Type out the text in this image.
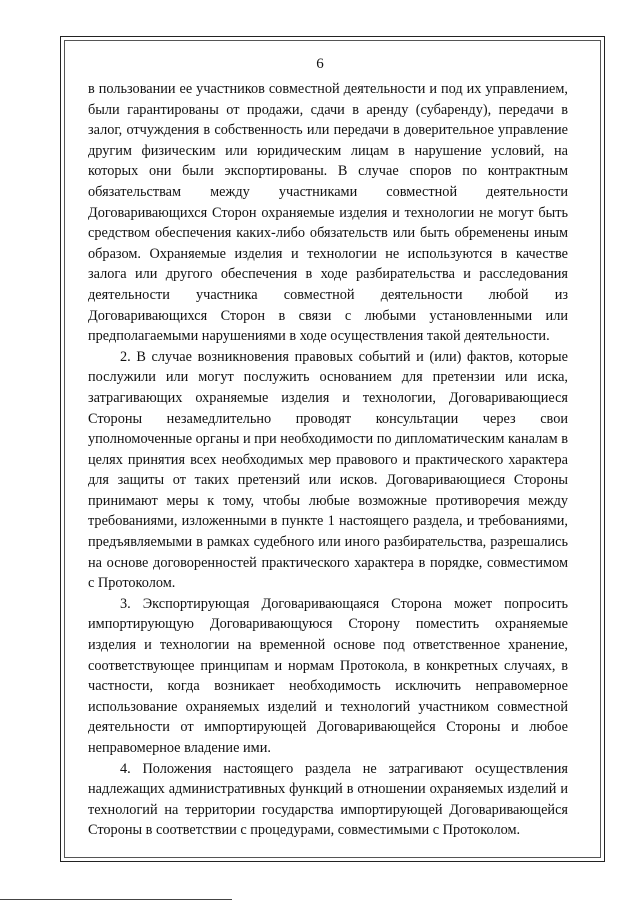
6

в пользовании ее участников совместной деятельности и под их управлением, были гарантированы от продажи, сдачи в аренду (субаренду), передачи в залог, отчуждения в собственность или передачи в доверительное управление другим физическим или юридическим лицам в нарушение условий, на которых они были экспортированы. В случае споров по контрактным обязательствам между участниками совместной деятельности Договаривающихся Сторон охраняемые изделия и технологии не могут быть средством обеспечения каких-либо обязательств или быть обременены иным образом. Охраняемые изделия и технологии не используются в качестве залога или другого обеспечения в ходе разбирательства и расследования деятельности участника совместной деятельности любой из Договаривающихся Сторон в связи с любыми установленными или предполагаемыми нарушениями в ходе осуществления такой деятельности.

2. В случае возникновения правовых событий и (или) фактов, которые послужили или могут послужить основанием для претензии или иска, затрагивающих охраняемые изделия и технологии, Договаривающиеся Стороны незамедлительно проводят консультации через свои уполномоченные органы и при необходимости по дипломатическим каналам в целях принятия всех необходимых мер правового и практического характера для защиты от таких претензий или исков. Договаривающиеся Стороны принимают меры к тому, чтобы любые возможные противоречия между требованиями, изложенными в пункте 1 настоящего раздела, и требованиями, предъявляемыми в рамках судебного или иного разбирательства, разрешались на основе договоренностей практического характера в порядке, совместимом с Протоколом.

3. Экспортирующая Договаривающаяся Сторона может попросить импортирующую Договаривающуюся Сторону поместить охраняемые изделия и технологии на временной основе под ответственное хранение, соответствующее принципам и нормам Протокола, в конкретных случаях, в частности, когда возникает необходимость исключить неправомерное использование охраняемых изделий и технологий участником совместной деятельности от импортирующей Договаривающейся Стороны и любое неправомерное владение ими.

4. Положения настоящего раздела не затрагивают осуществления надлежащих административных функций в отношении охраняемых изделий и технологий на территории государства импортирующей Договаривающейся Стороны в соответствии с процедурами, совместимыми с Протоколом.
